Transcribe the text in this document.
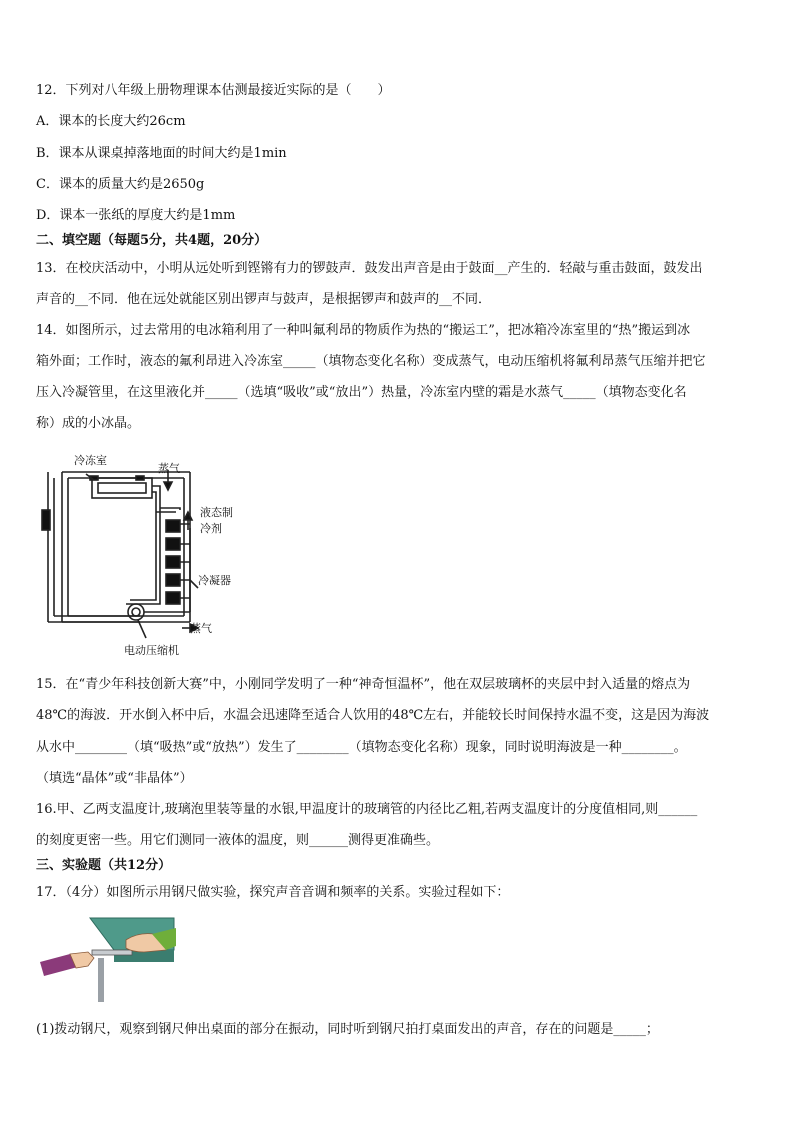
12．下列对八年级上册物理课本估测最接近实际的是（　　）
A．课本的长度大约26cm
B．课本从课桌掉落地面的时间大约是1min
C．课本的质量大约是2650g
D．课本一张纸的厚度大约是1mm
二、填空题（每题5分，共4题，20分）
13．在校庆活动中，小明从远处听到铿锵有力的锣鼓声．鼓发出声音是由于鼓面__产生的．轻敲与重击鼓面，鼓发出
声音的__不同．他在远处就能区别出锣声与鼓声，是根据锣声和鼓声的__不同．
14．如图所示，过去常用的电冰箱利用了一种叫氟利昂的物质作为热的“搬运工”，把冰箱冷冻室里的“热”搬运到冰
箱外面；工作时，液态的氟利昂进入冷冻室_____（填物态变化名称）变成蒸气，电动压缩机将氟利昂蒸气压缩并把它
压入冷凝管里，在这里液化并_____（选填“吸收”或“放出”）热量，冷冻室内壁的霜是水蒸气_____（填物态变化名
称）成的小冰晶。
冷冻室
蒸气
液态制
冷剂
冷凝器
蒸气
电动压缩机
15．在“青少年科技创新大赛”中，小刚同学发明了一种“神奇恒温杯”，他在双层玻璃杯的夹层中封入适量的熔点为
48℃的海波．开水倒入杯中后，水温会迅速降至适合人饮用的48℃左右，并能较长时间保持水温不变，这是因为海波
从水中________（填“吸热”或“放热”）发生了________（填物态变化名称）现象，同时说明海波是一种________。
（填选“晶体”或“非晶体”）
16.甲、乙两支温度计,玻璃泡里装等量的水银,甲温度计的玻璃管的内径比乙粗,若两支温度计的分度值相同,则______
的刻度更密一些。用它们测同一液体的温度，则______测得更准确些。
三、实验题（共12分）
17．（4分）如图所示用钢尺做实验，探究声音音调和频率的关系。实验过程如下：
(1)拨动钢尺，观察到钢尺伸出桌面的部分在振动，同时听到钢尺拍打桌面发出的声音，存在的问题是_____；
